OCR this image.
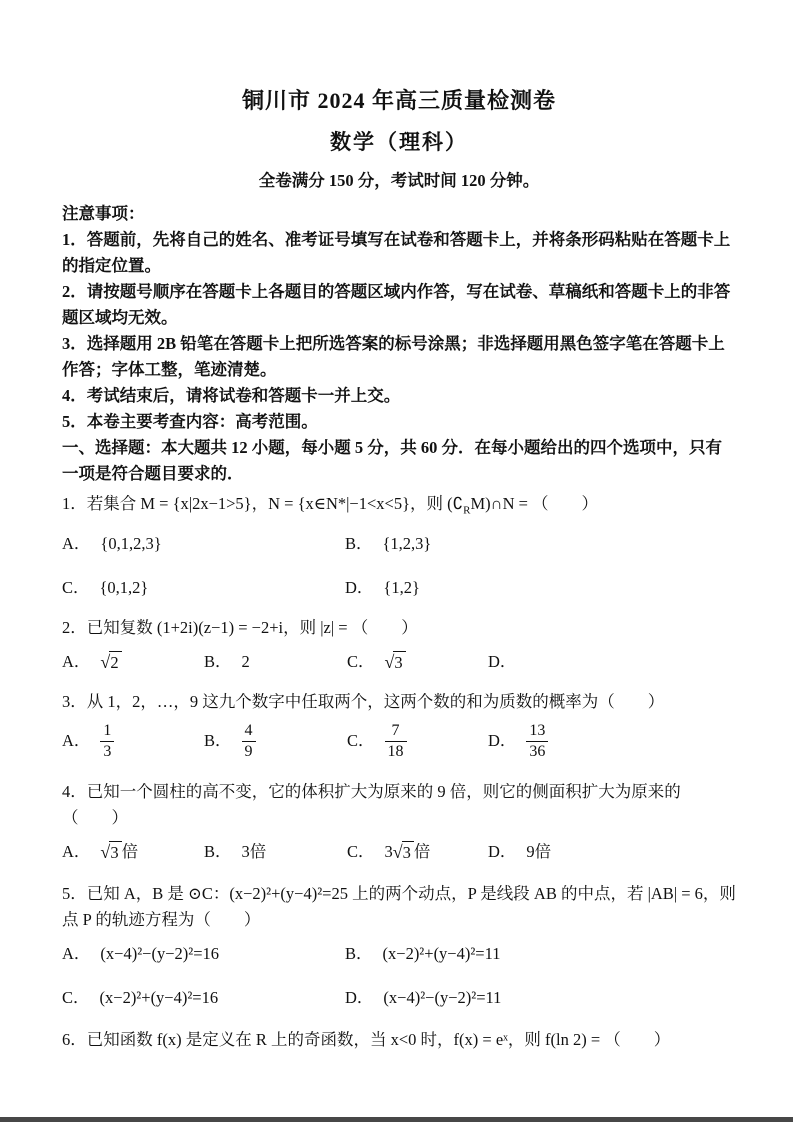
铜川市 2024 年高三质量检测卷
数学（理科）
全卷满分 150 分，考试时间 120 分钟。

注意事项：

1．答题前，先将自己的姓名、准考证号填写在试卷和答题卡上，并将条形码粘贴在答题卡上的指定位置。

2．请按题号顺序在答题卡上各题目的答题区域内作答，写在试卷、草稿纸和答题卡上的非答题区域均无效。

3．选择题用 2B 铅笔在答题卡上把所选答案的标号涂黑；非选择题用黑色签字笔在答题卡上作答；字体工整，笔迹清楚。

4．考试结束后，请将试卷和答题卡一并上交。

5．本卷主要考查内容：高考范围。

一、选择题：本大题共 12 小题，每小题 5 分，共 60 分．在每小题给出的四个选项中，只有一项是符合题目要求的．

1．若集合 M = {x|2x−1>5}，N = {x∈N*|−1<x<5}，则 $(∁_RM)\cap N$ = （　　）

A． {0,1,2,3}	B． {1,2,3}
C． {0,1,2}	D． {1,2}

2．已知复数 (1+2i)(z−1) = −2+i，则 |z| = （　　）

A． √ 2	B． 2	C． √ 3	D．

3．从 1，2，…，9 这九个数字中任取两个，这两个数的和为质数的概率为（　　）

A． $\frac{1}{3}$	B． $\frac{4}{9}$	C． $\frac{7}{18}$	D． $\frac{13}{36}$

4．已知一个圆柱的高不变，它的体积扩大为原来的 9 倍，则它的侧面积扩大为原来的（　　）

A． √ 3 倍	B． 3 倍	C． 3 √ 3 倍	D． 9 倍

5．已知 A，B 是 ⊙C：(x−2)²+(y−4)²=25 上的两个动点，P 是线段 AB 的中点，若 |AB| = 6，则点 P 的轨迹方程为（　　）

A． (x−4)²−(y−2)²=16	B． (x−2)²+(y−4)²=11
C． (x−2)²+(y−4)²=16	D． (x−4)²−(y−2)²=11

6．已知函数 f(x) 是定义在 R 上的奇函数，当 x<0 时，f(x) = eˣ，则 f(ln 2) = （　　）
